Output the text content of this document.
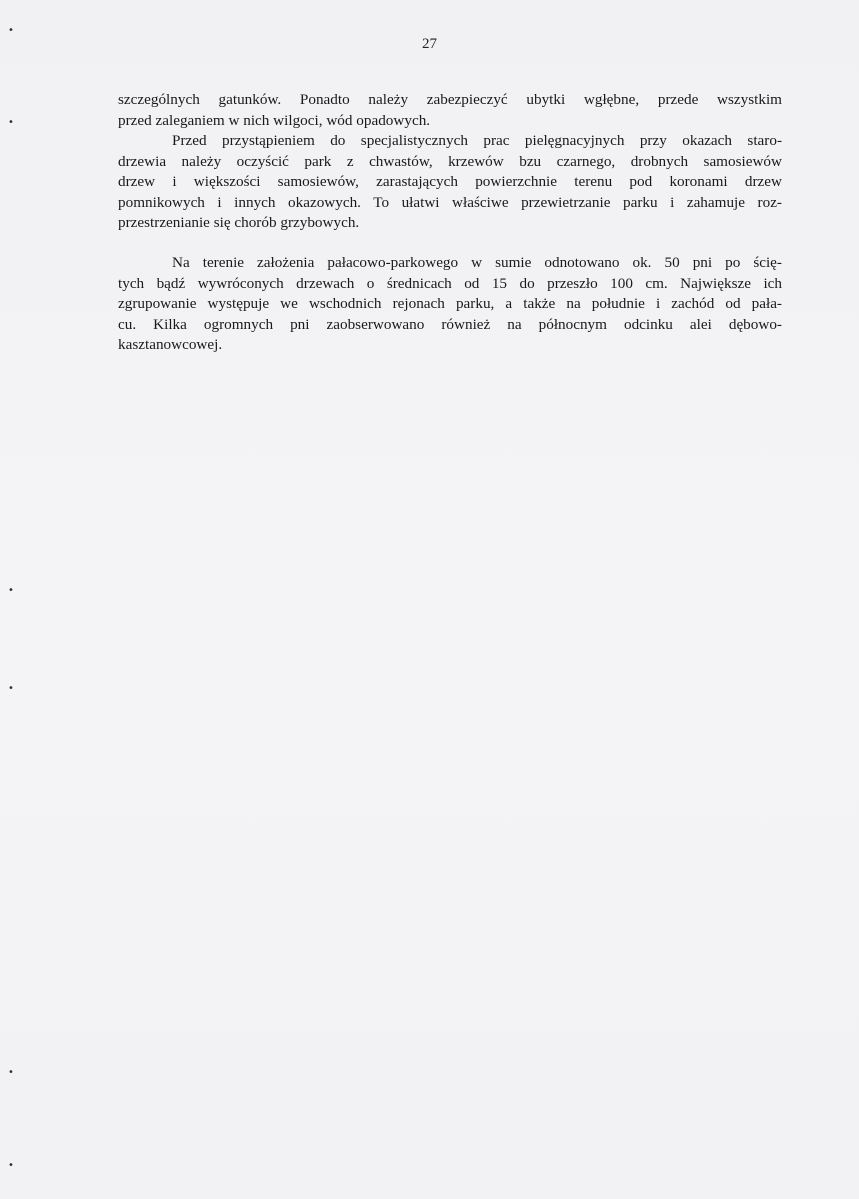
27
szczególnych gatunków. Ponadto należy zabezpieczyć ubytki wgłębne, przede wszystkim
przed zaleganiem w nich wilgoci, wód opadowych.
Przed przystąpieniem do specjalistycznych prac pielęgnacyjnych przy okazach staro-
drzewia należy oczyścić park z chwastów, krzewów bzu czarnego, drobnych samosiewów
drzew i większości samosiewów, zarastających powierzchnie terenu pod koronami drzew
pomnikowych i innych okazowych. To ułatwi właściwe przewietrzanie parku i zahamuje roz-
przestrzenianie się chorób grzybowych.
Na terenie założenia pałacowo-parkowego w sumie odnotowano ok. 50 pni po ścię-
tych bądź wywróconych drzewach o średnicach od 15 do przeszło 100 cm. Największe ich
zgrupowanie występuje we wschodnich rejonach parku, a także na południe i zachód od pała-
cu. Kilka ogromnych pni zaobserwowano również na północnym odcinku alei dębowo-
kasztanowcowej.
•
•
•
•
•
•
